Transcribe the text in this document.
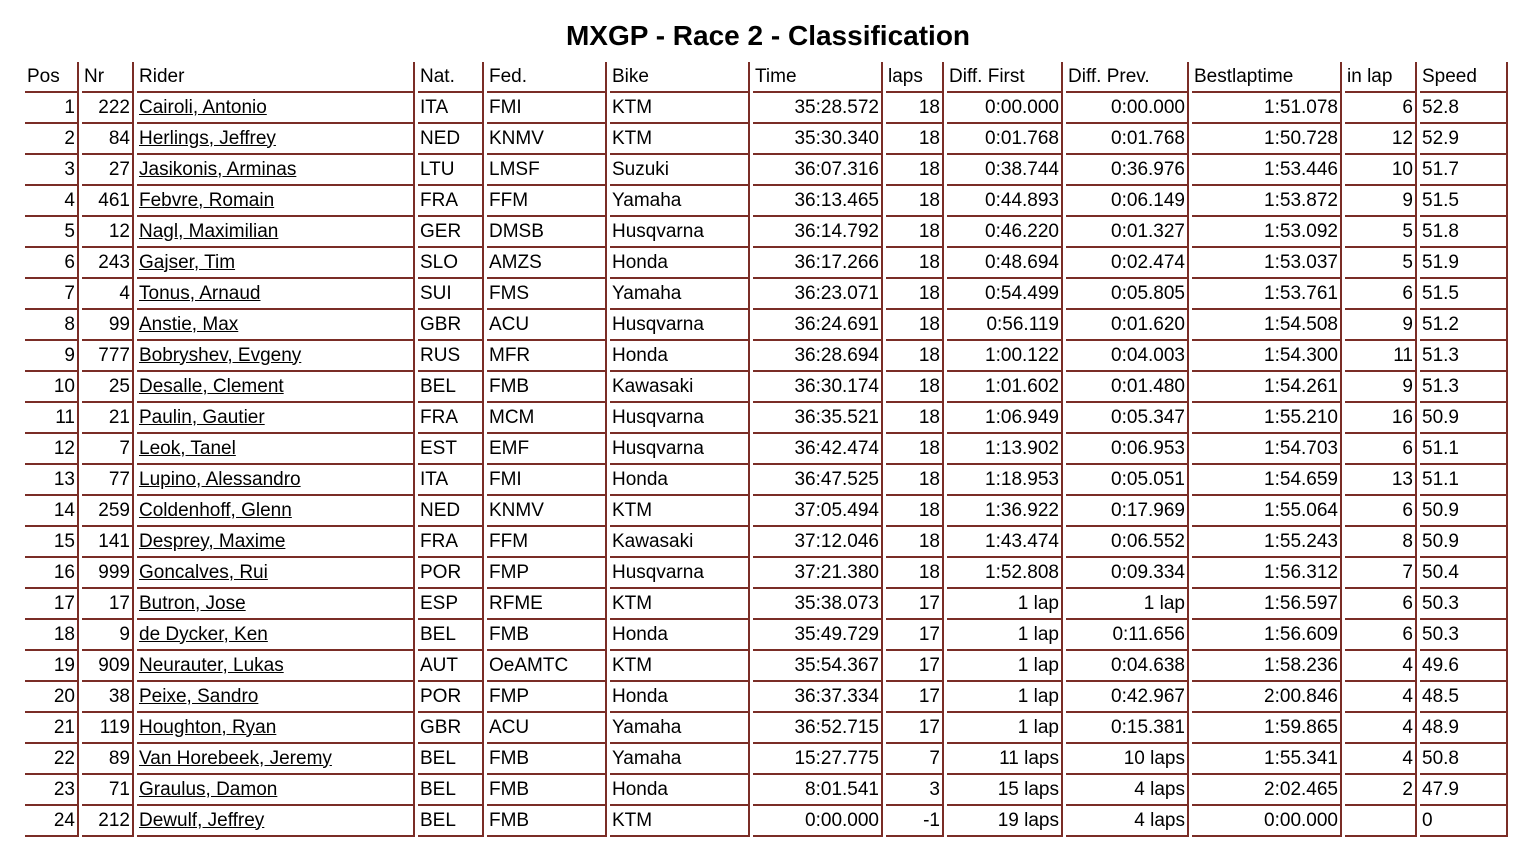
MXGP - Race 2 - Classification
Pos	Nr	Rider	Nat.	Fed.	Bike	Time	laps	Diff. First	Diff. Prev.	Bestlaptime	in lap	Speed
1	222	Cairoli, Antonio	ITA	FMI	KTM	35:28.572	18	0:00.000	0:00.000	1:51.078	6	52.8
2	84	Herlings, Jeffrey	NED	KNMV	KTM	35:30.340	18	0:01.768	0:01.768	1:50.728	12	52.9
3	27	Jasikonis, Arminas	LTU	LMSF	Suzuki	36:07.316	18	0:38.744	0:36.976	1:53.446	10	51.7
4	461	Febvre, Romain	FRA	FFM	Yamaha	36:13.465	18	0:44.893	0:06.149	1:53.872	9	51.5
5	12	Nagl, Maximilian	GER	DMSB	Husqvarna	36:14.792	18	0:46.220	0:01.327	1:53.092	5	51.8
6	243	Gajser, Tim	SLO	AMZS	Honda	36:17.266	18	0:48.694	0:02.474	1:53.037	5	51.9
7	4	Tonus, Arnaud	SUI	FMS	Yamaha	36:23.071	18	0:54.499	0:05.805	1:53.761	6	51.5
8	99	Anstie, Max	GBR	ACU	Husqvarna	36:24.691	18	0:56.119	0:01.620	1:54.508	9	51.2
9	777	Bobryshev, Evgeny	RUS	MFR	Honda	36:28.694	18	1:00.122	0:04.003	1:54.300	11	51.3
10	25	Desalle, Clement	BEL	FMB	Kawasaki	36:30.174	18	1:01.602	0:01.480	1:54.261	9	51.3
11	21	Paulin, Gautier	FRA	MCM	Husqvarna	36:35.521	18	1:06.949	0:05.347	1:55.210	16	50.9
12	7	Leok, Tanel	EST	EMF	Husqvarna	36:42.474	18	1:13.902	0:06.953	1:54.703	6	51.1
13	77	Lupino, Alessandro	ITA	FMI	Honda	36:47.525	18	1:18.953	0:05.051	1:54.659	13	51.1
14	259	Coldenhoff, Glenn	NED	KNMV	KTM	37:05.494	18	1:36.922	0:17.969	1:55.064	6	50.9
15	141	Desprey, Maxime	FRA	FFM	Kawasaki	37:12.046	18	1:43.474	0:06.552	1:55.243	8	50.9
16	999	Goncalves, Rui	POR	FMP	Husqvarna	37:21.380	18	1:52.808	0:09.334	1:56.312	7	50.4
17	17	Butron, Jose	ESP	RFME	KTM	35:38.073	17	1 lap	1 lap	1:56.597	6	50.3
18	9	de Dycker, Ken	BEL	FMB	Honda	35:49.729	17	1 lap	0:11.656	1:56.609	6	50.3
19	909	Neurauter, Lukas	AUT	OeAMTC	KTM	35:54.367	17	1 lap	0:04.638	1:58.236	4	49.6
20	38	Peixe, Sandro	POR	FMP	Honda	36:37.334	17	1 lap	0:42.967	2:00.846	4	48.5
21	119	Houghton, Ryan	GBR	ACU	Yamaha	36:52.715	17	1 lap	0:15.381	1:59.865	4	48.9
22	89	Van Horebeek, Jeremy	BEL	FMB	Yamaha	15:27.775	7	11 laps	10 laps	1:55.341	4	50.8
23	71	Graulus, Damon	BEL	FMB	Honda	8:01.541	3	15 laps	4 laps	2:02.465	2	47.9
24	212	Dewulf, Jeffrey	BEL	FMB	KTM	0:00.000	-1	19 laps	4 laps	0:00.000		0
